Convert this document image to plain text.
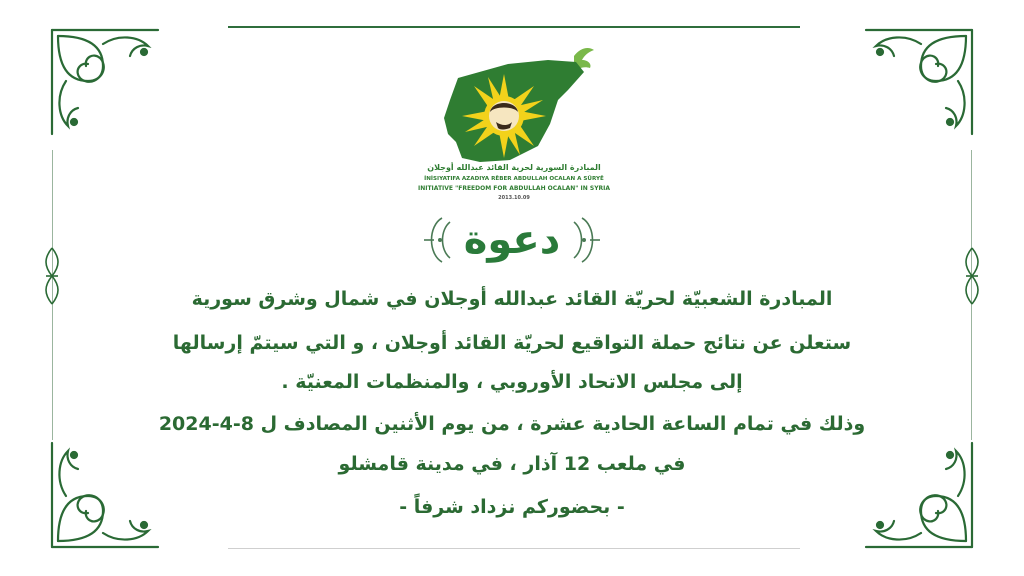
المبادرة السورية لحرية القائد عبدالله أوجلان
İNİSIYATIFA AZADIYA RÊBER ABDULLAH OCALAN A SÛRYÊ
INITIATIVE "FREEDOM FOR ABDULLAH OCALAN" IN SYRIA
2013.10.09
دعوة
المبادرة الشعبيّة لحريّة القائد عبدالله أوجلان في شمال وشرق سورية
ستعلن عن نتائج حملة التواقيع لحريّة القائد أوجلان ، و التي سيتمّ إرسالها
إلى مجلس الاتحاد الأوروبي ، والمنظمات المعنيّة .
وذلك في تمام الساعة الحادية عشرة ، من يوم الأثنين المصادف ل 8-4-2024
في ملعب 12 آذار ، في مدينة قامشلو
- بحضوركم نزداد شرفاً -
